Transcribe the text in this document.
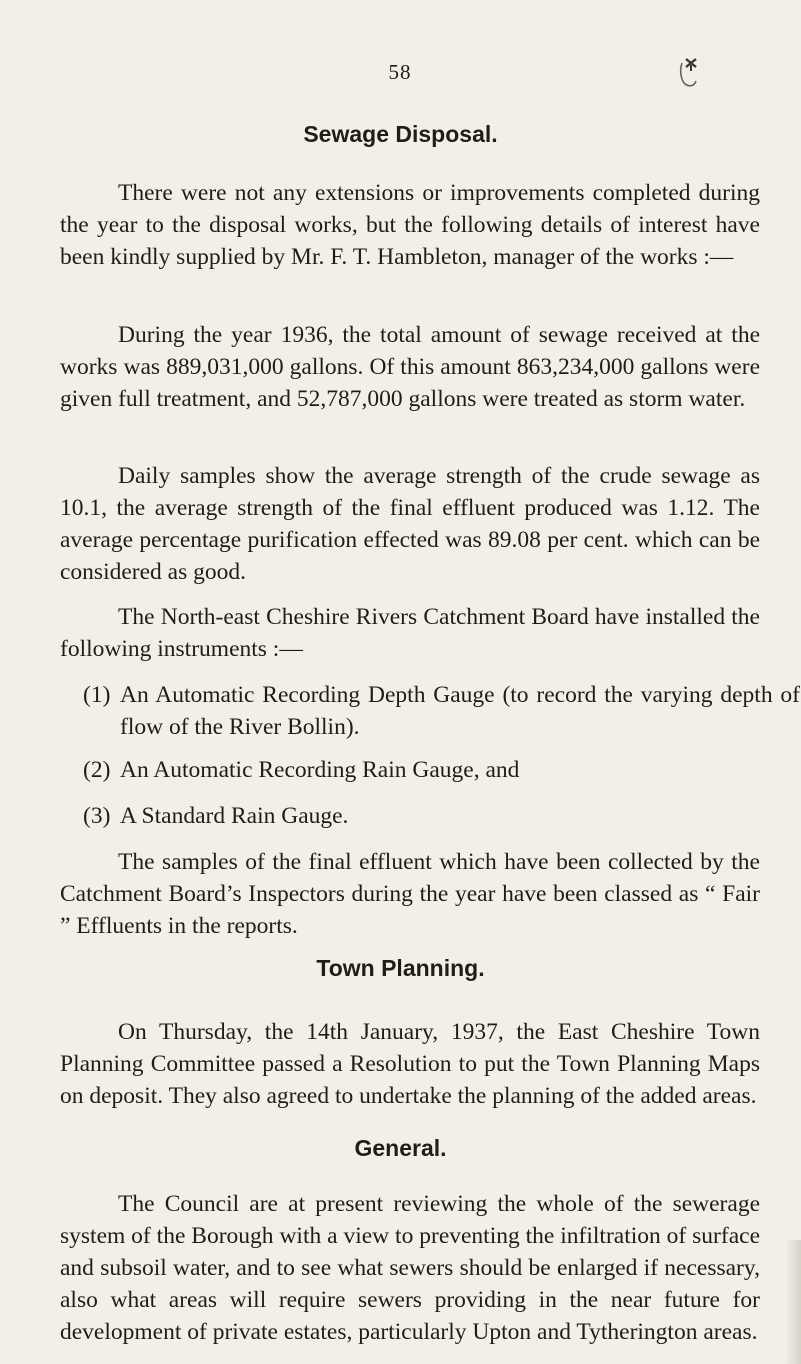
58
Sewage Disposal.

There were not any extensions or improvements completed during the year to the disposal works, but the following details of interest have been kindly supplied by Mr. F. T. Hambleton, manager of the works :—

During the year 1936, the total amount of sewage received at the works was 889,031,000 gallons. Of this amount 863,234,000 gallons were given full treatment, and 52,787,000 gallons were treated as storm water.

Daily samples show the average strength of the crude sewage as 10.1, the average strength of the final effluent produced was 1.12. The average percentage purification effected was 89.08 per cent. which can be considered as good.

The North-east Cheshire Rivers Catchment Board have installed the following instruments :—

(1) An Automatic Recording Depth Gauge (to record the varying depth of flow of the River Bollin).
(2) An Automatic Recording Rain Gauge, and
(3) A Standard Rain Gauge.

The samples of the final effluent which have been collected by the Catchment Board’s Inspectors during the year have been classed as “ Fair ” Effluents in the reports.

Town Planning.

On Thursday, the 14th January, 1937, the East Cheshire Town Planning Committee passed a Resolution to put the Town Planning Maps on deposit. They also agreed to undertake the planning of the added areas.

General.

The Council are at present reviewing the whole of the sewerage system of the Borough with a view to preventing the infiltration of surface and subsoil water, and to see what sewers should be enlarged if necessary, also what areas will require sewers providing in the near future for development of private estates, particularly Upton and Tytherington areas.
